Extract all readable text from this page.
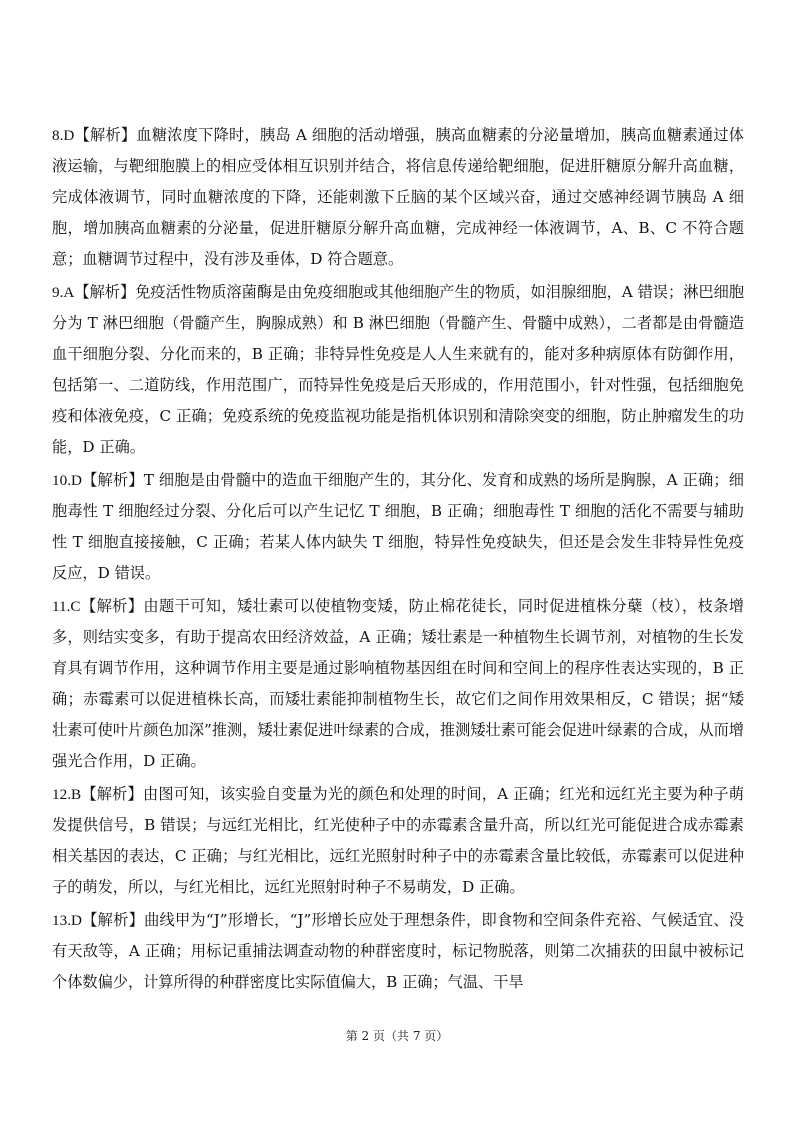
8.D【解析】血糖浓度下降时，胰岛 A 细胞的活动增强，胰高血糖素的分泌量增加，胰高血糖素通过体液运输，与靶细胞膜上的相应受体相互识别并结合，将信息传递给靶细胞，促进肝糖原分解升高血糖，完成体液调节，同时血糖浓度的下降，还能刺激下丘脑的某个区域兴奋，通过交感神经调节胰岛 A 细胞，增加胰高血糖素的分泌量，促进肝糖原分解升高血糖，完成神经一体液调节，A、B、C 不符合题意；血糖调节过程中，没有涉及垂体，D 符合题意。

9.A【解析】免疫活性物质溶菌酶是由免疫细胞或其他细胞产生的物质，如泪腺细胞，A 错误；淋巴细胞分为 T 淋巴细胞（骨髓产生，胸腺成熟）和 B 淋巴细胞（骨髓产生、骨髓中成熟），二者都是由骨髓造血干细胞分裂、分化而来的，B 正确；非特异性免疫是人人生来就有的，能对多种病原体有防御作用，包括第一、二道防线，作用范围广，而特异性免疫是后天形成的，作用范围小，针对性强，包括细胞免疫和体液免疫，C 正确；免疫系统的免疫监视功能是指机体识别和清除突变的细胞，防止肿瘤发生的功能，D 正确。

10.D【解析】T 细胞是由骨髓中的造血干细胞产生的，其分化、发育和成熟的场所是胸腺，A 正确；细胞毒性 T 细胞经过分裂、分化后可以产生记忆 T 细胞，B 正确；细胞毒性 T 细胞的活化不需要与辅助性 T 细胞直接接触，C 正确；若某人体内缺失 T 细胞，特异性免疫缺失，但还是会发生非特异性免疫反应，D 错误。

11.C【解析】由题干可知，矮壮素可以使植物变矮，防止棉花徒长，同时促进植株分蘖（枝），枝条增多，则结实变多，有助于提高农田经济效益，A 正确；矮壮素是一种植物生长调节剂，对植物的生长发育具有调节作用，这种调节作用主要是通过影响植物基因组在时间和空间上的程序性表达实现的，B 正确；赤霉素可以促进植株长高，而矮壮素能抑制植物生长，故它们之间作用效果相反，C 错误；据“矮壮素可使叶片颜色加深”推测，矮壮素促进叶绿素的合成，推测矮壮素可能会促进叶绿素的合成，从而增强光合作用，D 正确。

12.B【解析】由图可知，该实验自变量为光的颜色和处理的时间，A 正确；红光和远红光主要为种子萌发提供信号，B 错误；与远红光相比，红光使种子中的赤霉素含量升高，所以红光可能促进合成赤霉素相关基因的表达，C 正确；与红光相比，远红光照射时种子中的赤霉素含量比较低，赤霉素可以促进种子的萌发，所以，与红光相比，远红光照射时种子不易萌发，D 正确。

13.D【解析】曲线甲为“J”形增长，“J”形增长应处于理想条件，即食物和空间条件充裕、气候适宜、没有天敌等，A 正确；用标记重捕法调查动物的种群密度时，标记物脱落，则第二次捕获的田鼠中被标记个体数偏少，计算所得的种群密度比实际值偏大，B 正确；气温、干旱

第 2 页（共 7 页）
